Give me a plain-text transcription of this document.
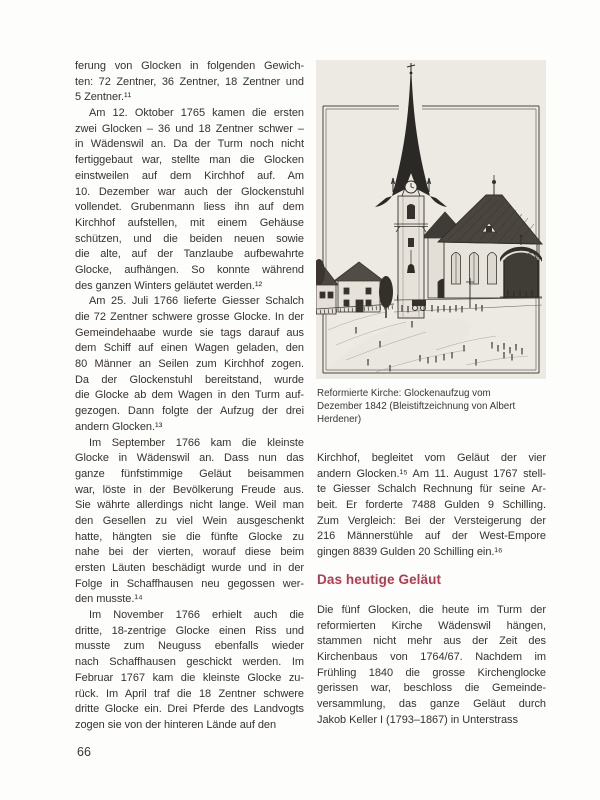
ferung von Glocken in folgenden Gewich-
ten: 72 Zentner, 36 Zentner, 18 Zentner und
5 Zentner.¹¹
Am 12. Oktober 1765 kamen die ersten
zwei Glocken – 36 und 18 Zentner schwer –
in Wädenswil an. Da der Turm noch nicht
fertiggebaut war, stellte man die Glocken
einstweilen auf dem Kirchhof auf. Am
10. Dezember war auch der Glockenstuhl
vollendet. Grubenmann liess ihn auf dem
Kirchhof aufstellen, mit einem Gehäuse
schützen, und die beiden neuen sowie
die alte, auf der Tanzlaube aufbewahrte
Glocke, aufhängen. So konnte während
des ganzen Winters geläutet werden.¹²
Am 25. Juli 1766 lieferte Giesser Schalch
die 72 Zentner schwere grosse Glocke. In der
Gemeindehaabe wurde sie tags darauf aus
dem Schiff auf einen Wagen geladen, den
80 Männer an Seilen zum Kirchhof zogen.
Da der Glockenstuhl bereitstand, wurde
die Glocke ab dem Wagen in den Turm auf-
gezogen. Dann folgte der Aufzug der drei
andern Glocken.¹³
Im September 1766 kam die kleinste
Glocke in Wädenswil an. Dass nun das
ganze fünfstimmige Geläut beisammen
war, löste in der Bevölkerung Freude aus.
Sie währte allerdings nicht lange. Weil man
den Gesellen zu viel Wein ausgeschenkt
hatte, hängten sie die fünfte Glocke zu
nahe bei der vierten, worauf diese beim
ersten Läuten beschädigt wurde und in der
Folge in Schaffhausen neu gegossen wer-
den musste.¹⁴
Im November 1766 erhielt auch die
dritte, 18-zentrige Glocke einen Riss und
musste zum Neuguss ebenfalls wieder
nach Schaffhausen geschickt werden. Im
Februar 1767 kam die kleinste Glocke zu-
rück. Im April traf die 18 Zentner schwere
dritte Glocke ein. Drei Pferde des Landvogts
zogen sie von der hinteren Lände auf den
Reformierte Kirche: Glockenaufzug vom
Dezember 1842 (Bleistiftzeichnung von Albert
Herdener)
Kirchhof, begleitet vom Geläut der vier
andern Glocken.¹⁵ Am 11. August 1767 stell-
te Giesser Schalch Rechnung für seine Ar-
beit. Er forderte 7488 Gulden 9 Schilling.
Zum Vergleich: Bei der Versteigerung der
216 Männerstühle auf der West-Empore
gingen 8839 Gulden 20 Schilling ein.¹⁶
Das heutige Geläut
Die fünf Glocken, die heute im Turm der
reformierten Kirche Wädenswil hängen,
stammen nicht mehr aus der Zeit des
Kirchenbaus von 1764/67. Nachdem im
Frühling 1840 die grosse Kirchenglocke
gerissen war, beschloss die Gemeinde-
versammlung, das ganze Geläut durch
Jakob Keller I (1793–1867) in Unterstrass
66
